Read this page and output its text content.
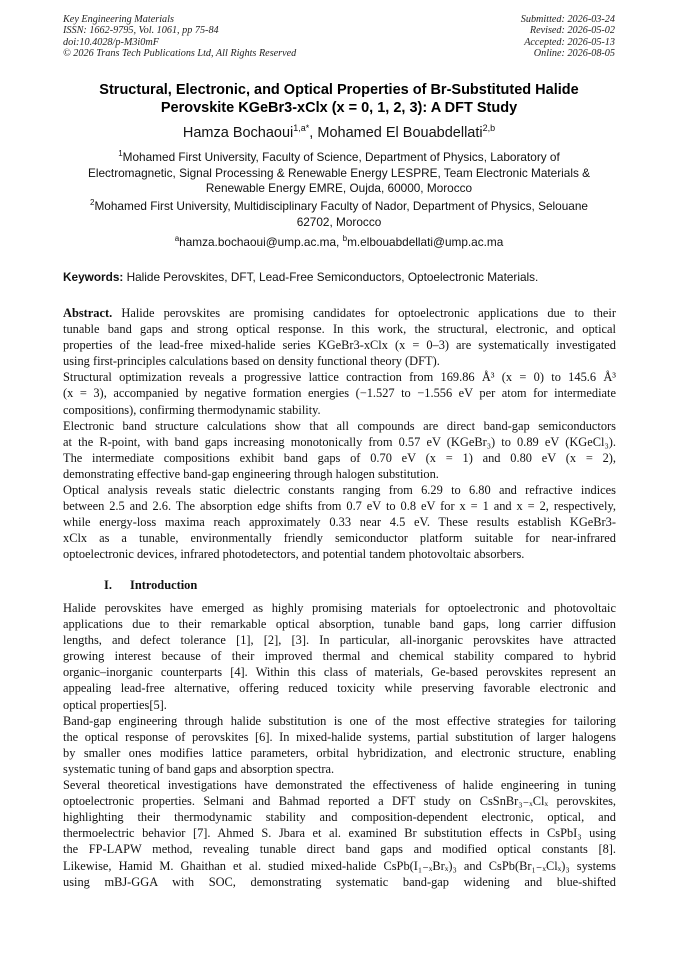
Key Engineering Materials
ISSN: 1662-9795, Vol. 1061, pp 75-84
doi:10.4028/p-M3i0mF
© 2026 Trans Tech Publications Ltd, All Rights Reserved
Submitted: 2026-03-24
Revised: 2026-05-02
Accepted: 2026-05-13
Online: 2026-08-05
Structural, Electronic, and Optical Properties of Br-Substituted Halide
Perovskite KGeBr3-xClx (x = 0, 1, 2, 3): A DFT Study
Hamza Bochaoui$^{1,a*}$, Mohamed El Bouabdellati$^{2,b}$
$^1$Mohamed First University, Faculty of Science, Department of Physics, Laboratory of
Electromagnetic, Signal Processing & Renewable Energy LESPRE, Team Electronic Materials &
Renewable Energy EMRE, Oujda, 60000, Morocco
$^2$Mohamed First University, Multidisciplinary Faculty of Nador, Department of Physics, Selouane
62702, Morocco
$^a$hamza.bochaoui@ump.ac.ma, $^b$m.elbouabdellati@ump.ac.ma
Keywords: Halide Perovskites, DFT, Lead-Free Semiconductors, Optoelectronic Materials.
Abstract. Halide perovskites are promising candidates for optoelectronic applications due to their
tunable band gaps and strong optical response. In this work, the structural, electronic, and optical
properties of the lead-free mixed-halide series KGeBr3-xClx (x = 0–3) are systematically investigated
using first-principles calculations based on density functional theory (DFT).
Structural optimization reveals a progressive lattice contraction from 169.86 Å³ (x = 0) to 145.6 Å³
(x = 3), accompanied by negative formation energies (−1.527 to −1.556 eV per atom for intermediate
compositions), confirming thermodynamic stability.
Electronic band structure calculations show that all compounds are direct band-gap semiconductors
at the R-point, with band gaps increasing monotonically from 0.57 eV (KGeBr₃) to 0.89 eV (KGeCl₃).
The intermediate compositions exhibit band gaps of 0.70 eV (x = 1) and 0.80 eV (x = 2),
demonstrating effective band-gap engineering through halogen substitution.
Optical analysis reveals static dielectric constants ranging from 6.29 to 6.80 and refractive indices
between 2.5 and 2.6. The absorption edge shifts from 0.7 eV to 0.8 eV for x = 1 and x = 2, respectively,
while energy-loss maxima reach approximately 0.33 near 4.5 eV. These results establish KGeBr3-
xClx as a tunable, environmentally friendly semiconductor platform suitable for near-infrared
optoelectronic devices, infrared photodetectors, and potential tandem photovoltaic absorbers.
I. Introduction
Halide perovskites have emerged as highly promising materials for optoelectronic and photovoltaic
applications due to their remarkable optical absorption, tunable band gaps, long carrier diffusion
lengths, and defect tolerance [1], [2], [3]. In particular, all-inorganic perovskites have attracted
growing interest because of their improved thermal and chemical stability compared to hybrid
organic–inorganic counterparts [4]. Within this class of materials, Ge-based perovskites represent an
appealing lead-free alternative, offering reduced toxicity while preserving favorable electronic and
optical properties[5].
Band-gap engineering through halide substitution is one of the most effective strategies for tailoring
the optical response of perovskites [6]. In mixed-halide systems, partial substitution of larger halogens
by smaller ones modifies lattice parameters, orbital hybridization, and electronic structure, enabling
systematic tuning of band gaps and absorption spectra.
Several theoretical investigations have demonstrated the effectiveness of halide engineering in tuning
optoelectronic properties. Selmani and Bahmad reported a DFT study on CsSnBr₃₋ₓClₓ perovskites,
highlighting their thermodynamic stability and composition-dependent electronic, optical, and
thermoelectric behavior [7]. Ahmed S. Jbara et al. examined Br substitution effects in CsPbI₃ using
the FP-LAPW method, revealing tunable direct band gaps and modified optical constants [8].
Likewise, Hamid M. Ghaithan et al. studied mixed-halide CsPb(I₁₋ₓBrₓ)₃ and CsPb(Br₁₋ₓClₓ)₃ systems
using mBJ-GGA with SOC, demonstrating systematic band-gap widening and blue-shifted
